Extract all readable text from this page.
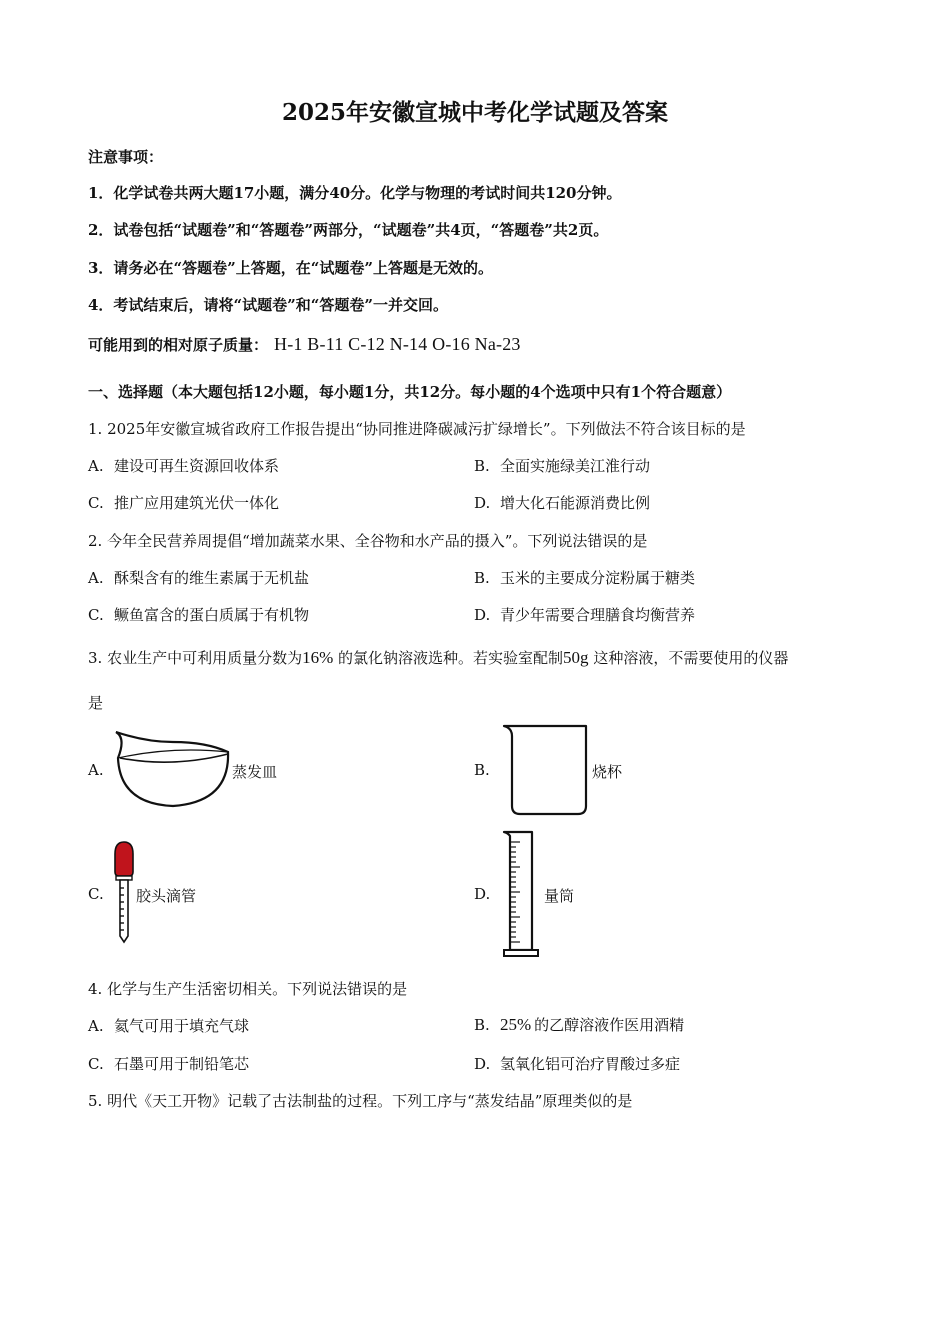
2025年安徽宣城中考化学试题及答案
注意事项：
1．化学试卷共两大题17小题，满分40分。化学与物理的考试时间共120分钟。
2．试卷包括“试题卷”和“答题卷”两部分，“试题卷”共4页，“答题卷”共2页。
3．请务必在“答题卷”上答题，在“试题卷”上答题是无效的。
4．考试结束后，请将“试题卷”和“答题卷”一并交回。
可能用到的相对原子质量： H-1 B-11 C-12 N-14 O-16 Na-23
一、选择题（本大题包括12小题，每小题1分，共12分。每小题的4个选项中只有1个符合题意）
1. 2025年安徽宣城省政府工作报告提出“协同推进降碳减污扩绿增长”。下列做法不符合该目标的是
A. 建设可再生资源回收体系	B. 全面实施绿美江淮行动
C. 推广应用建筑光伏一体化	D. 增大化石能源消费比例
2. 今年全民营养周提倡“增加蔬菜水果、全谷物和水产品的摄入”。下列说法错误的是
A. 酥梨含有的维生素属于无机盐	B. 玉米的主要成分淀粉属于糖类
C. 鳜鱼富含的蛋白质属于有机物	D. 青少年需要合理膳食均衡营养
3. 农业生产中可利用质量分数为16% 的氯化钠溶液选种。若实验室配制50g 这种溶液，不需要使用的仪器
是
A.	蒸发皿	B.	烧杯
C. 胶头滴管	D.	量筒
4. 化学与生产生活密切相关。下列说法错误的是
A. 氦气可用于填充气球	B. 25% 的乙醇溶液作医用酒精
C. 石墨可用于制铅笔芯	D. 氢氧化铝可治疗胃酸过多症
5. 明代《天工开物》记载了古法制盐的过程。下列工序与“蒸发结晶”原理类似的是
